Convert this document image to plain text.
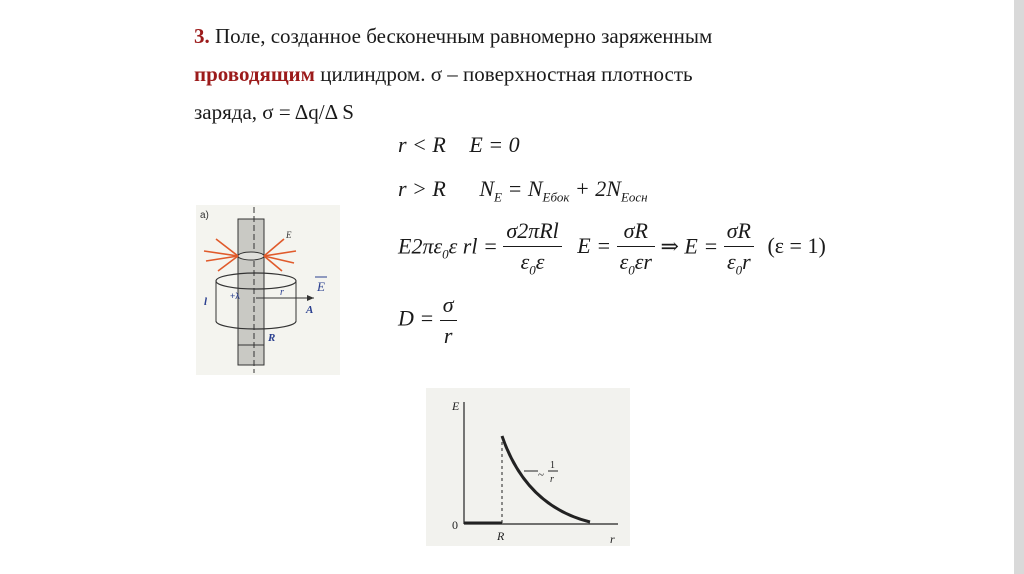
3. Поле, созданное бесконечным равномерно заряженным
проводящим цилиндром. σ – поверхностная плотность
заряда, σ = Δq/Δ S
r < R E = 0
r > R $N_E = N_{Eбок} + 2N_{Eосн}$
$E2\pi\varepsilon_0\varepsilon$ rl = $\frac{\text{σ2πRl}}{\varepsilon_0\varepsilon}$ $E = \frac{\sigma R}{\varepsilon_0\varepsilon r}$ ⇒ $E = \frac{\sigma R}{\varepsilon_0r} (\varepsilon = 1)$
$D = \frac{\sigma}{r}$
а)
E
r
+λ
l
A
E
R
E
r
0
R
~
1
r
